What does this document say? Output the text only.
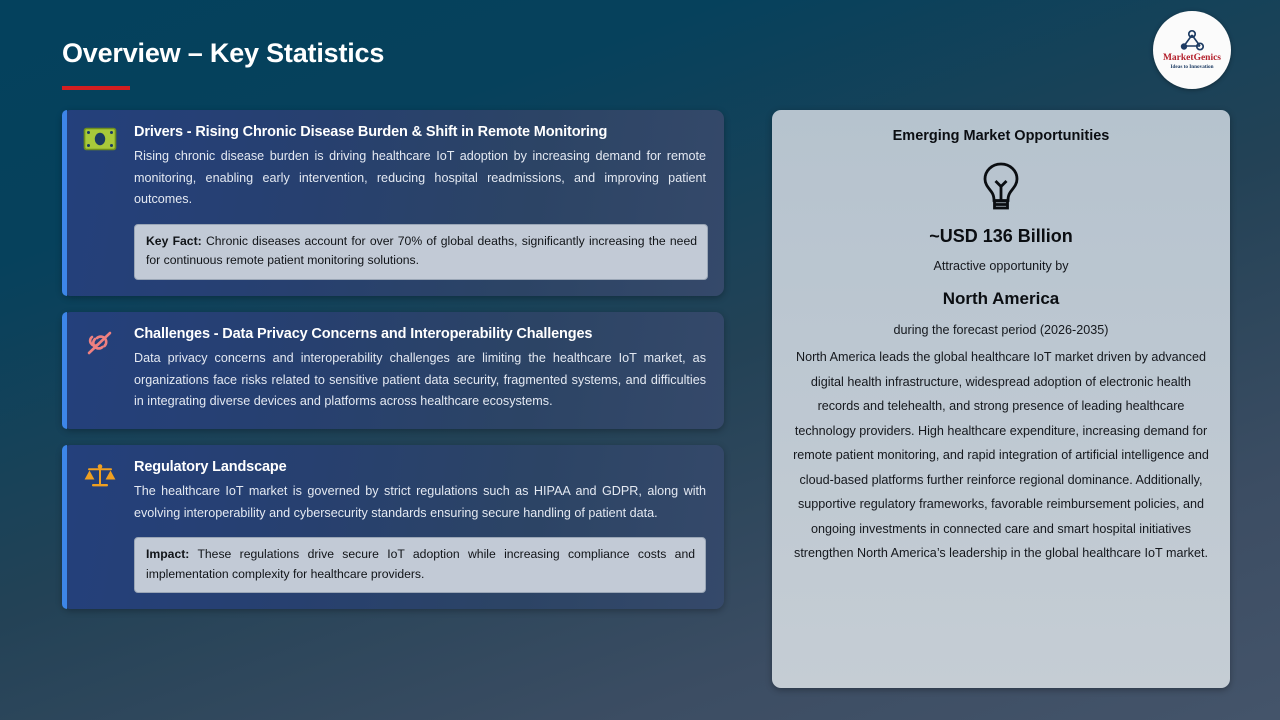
Overview – Key Statistics	MarketGenics
Ideas to Innovation
Drivers - Rising Chronic Disease Burden & Shift in Remote Monitoring
Rising chronic disease burden is driving healthcare IoT adoption by increasing demand for remote monitoring, enabling early intervention, reducing hospital readmissions, and improving patient outcomes.
Key Fact: Chronic diseases account for over 70% of global deaths, significantly increasing the need for continuous remote patient monitoring solutions.
Challenges - Data Privacy Concerns and Interoperability Challenges
Data privacy concerns and interoperability challenges are limiting the healthcare IoT market, as organizations face risks related to sensitive patient data security, fragmented systems, and difficulties in integrating diverse devices and platforms across healthcare ecosystems.
Regulatory Landscape
The healthcare IoT market is governed by strict regulations such as HIPAA and GDPR, along with evolving interoperability and cybersecurity standards ensuring secure handling of patient data.
Impact: These regulations drive secure IoT adoption while increasing compliance costs and implementation complexity for healthcare providers.
Emerging Market Opportunities
~USD 136 Billion
Attractive opportunity by
North America
during the forecast period (2026-2035)
North America leads the global healthcare IoT market driven by advanced digital health infrastructure, widespread adoption of electronic health records and telehealth, and strong presence of leading healthcare technology providers. High healthcare expenditure, increasing demand for remote patient monitoring, and rapid integration of artificial intelligence and cloud-based platforms further reinforce regional dominance. Additionally, supportive regulatory frameworks, favorable reimbursement policies, and ongoing investments in connected care and smart hospital initiatives strengthen North America’s leadership in the global healthcare IoT market.
